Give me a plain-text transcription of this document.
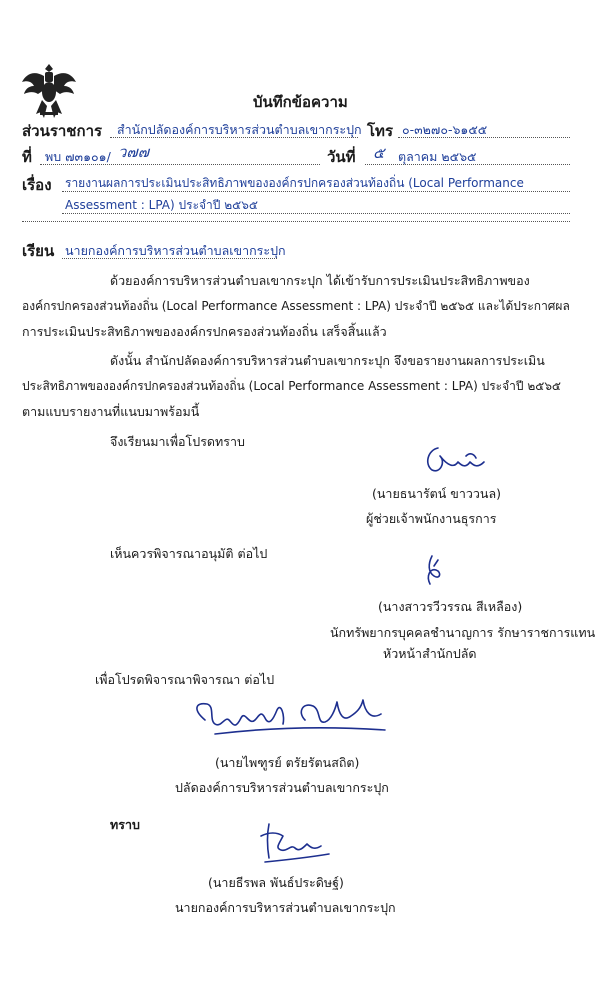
บันทึกข้อความ
ส่วนราชการ สำนักปลัดองค์การบริหารส่วนตำบลเขากระปุก โทร ๐-๓๒๗๐-๖๑๕๕
ที่ พบ ๗๓๑๐๑/ ว๗๗	วันที่ ๕ ตุลาคม ๒๕๖๕
เรื่อง รายงานผลการประเมินประสิทธิภาพขององค์กรปกครองส่วนท้องถิ่น (Local Performance
Assessment : LPA) ประจำปี ๒๕๖๕
เรียน นายกองค์การบริหารส่วนตำบลเขากระปุก
ด้วยองค์การบริหารส่วนตำบลเขากระปุก ได้เข้ารับการประเมินประสิทธิภาพของ
องค์กรปกครองส่วนท้องถิ่น (Local Performance Assessment : LPA) ประจำปี ๒๕๖๕ และได้ประกาศผล
การประเมินประสิทธิภาพขององค์กรปกครองส่วนท้องถิ่น เสร็จสิ้นแล้ว
ดังนั้น สำนักปลัดองค์การบริหารส่วนตำบลเขากระปุก จึงขอรายงานผลการประเมิน
ประสิทธิภาพขององค์กรปกครองส่วนท้องถิ่น (Local Performance Assessment : LPA) ประจำปี ๒๕๖๕
ตามแบบรายงานที่แนบมาพร้อมนี้
จึงเรียนมาเพื่อโปรดทราบ
(นายธนารัตน์ ขาววนล)
ผู้ช่วยเจ้าพนักงานธุรการ
เห็นควรพิจารณาอนุมัติ ต่อไป
(นางสาวรวีวรรณ สีเหลือง)
นักทรัพยากรบุคคลชำนาญการ รักษาราชการแทน
หัวหน้าสำนักปลัด
เพื่อโปรดพิจารณาพิจารณา ต่อไป
(นายไพฑูรย์ ตรัยรัตนสถิต)
ปลัดองค์การบริหารส่วนตำบลเขากระปุก
ทราบ
(นายธีรพล พันธ์ประดิษฐ์)
นายกองค์การบริหารส่วนตำบลเขากระปุก
